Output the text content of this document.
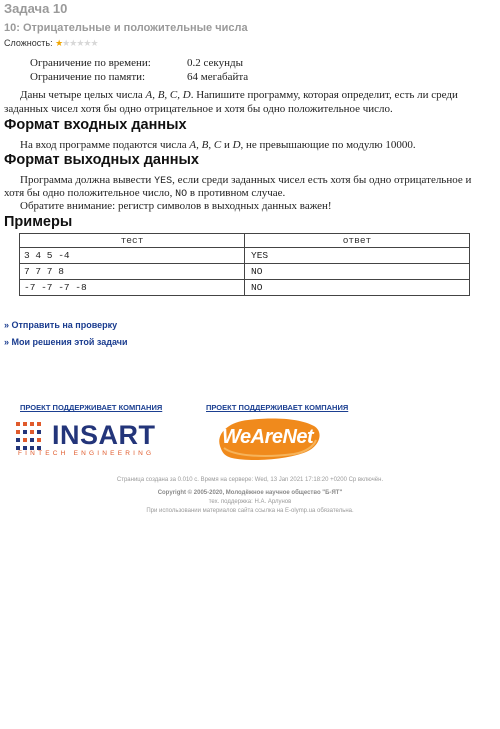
Задача 10
10: Отрицательные и положительные числа
Сложность: ★★★★★★
Ограничение по времени:	0.2 секунды
Ограничение по памяти:	64 мегабайта
Даны четыре целых числа A, B, C, D. Напишите программу, которая определит, есть ли среди
заданных чисел хотя бы одно отрицательное и хотя бы одно положительное число.
Формат входных данных
На вход программе подаются числа A, B, C и D, не превышающие по модулю 10000.
Формат выходных данных
Программа должна вывести YES, если среди заданных чисел есть хотя бы одно отрицательное и
хотя бы одно положительное число, NO в противном случае.
Обратите внимание: регистр символов в выходных данных важен!
Примеры
тест	ответ
3 4 5 -4	YES
7 7 7 8	NO
-7 -7 -7 -8	NO
» Отправить на проверку
» Мои решения этой задачи
ПРОЕКТ ПОДДЕРЖИВАЕТ КОМПАНИЯ	ПРОЕКТ ПОДДЕРЖИВАЕТ КОМПАНИЯ
INSART
FINTECH ENGINEERING
WeAreNet
Страница создана за 0.010 с. Время на сервере: Wed, 13 Jan 2021 17:18:20 +0200 Ср включён.
Copyright © 2005-2020, Молодёжное научное общество "Б-ЯТ"
тех. поддержка: Н.А. Арлунов
При использовании материалов сайта ссылка на E-olymp.ua обязательна.
